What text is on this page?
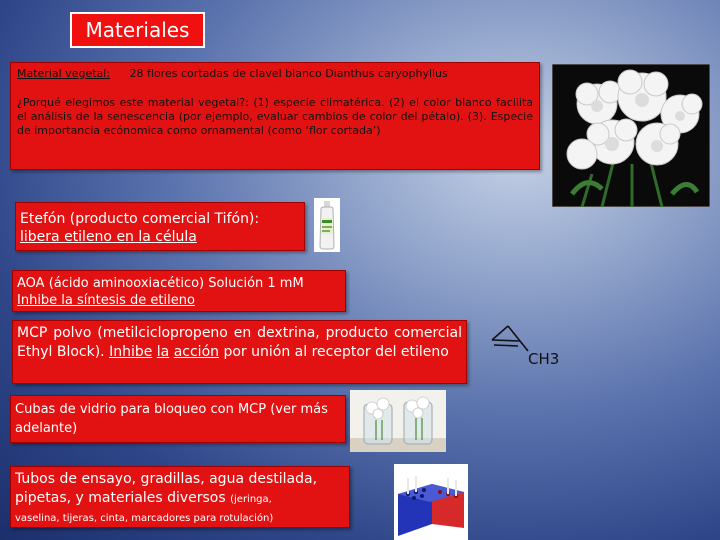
Materiales

Material vegetal: 28 flores cortadas de clavel blanco Dianthus caryophyllus

¿Porqué elegimos este material vegetal?: (1) especie climatérica. (2) el color blanco facilita el análisis de la senescencia (por ejemplo, evaluar cambios de color del pétalo). (3). Especie de importancia ecónomica como ornamental (como ‘flor cortada’)

Etefón (producto comercial Tifón):
libera etileno en la célula
AOA (ácido aminooxiacético) Solución 1 mM
Inhibe la síntesis de etileno
MCP polvo (metilciclopropeno en dextrina, producto comercial Ethyl Block). Inhibe la acción por unión al receptor del etileno	CH3
Cubas de vidrio para bloqueo con MCP (ver más adelante)
Tubos de ensayo, gradillas, agua destilada, pipetas, y materiales diversos (jeringa,
vaselina, tijeras, cinta, marcadores para rotulación)
